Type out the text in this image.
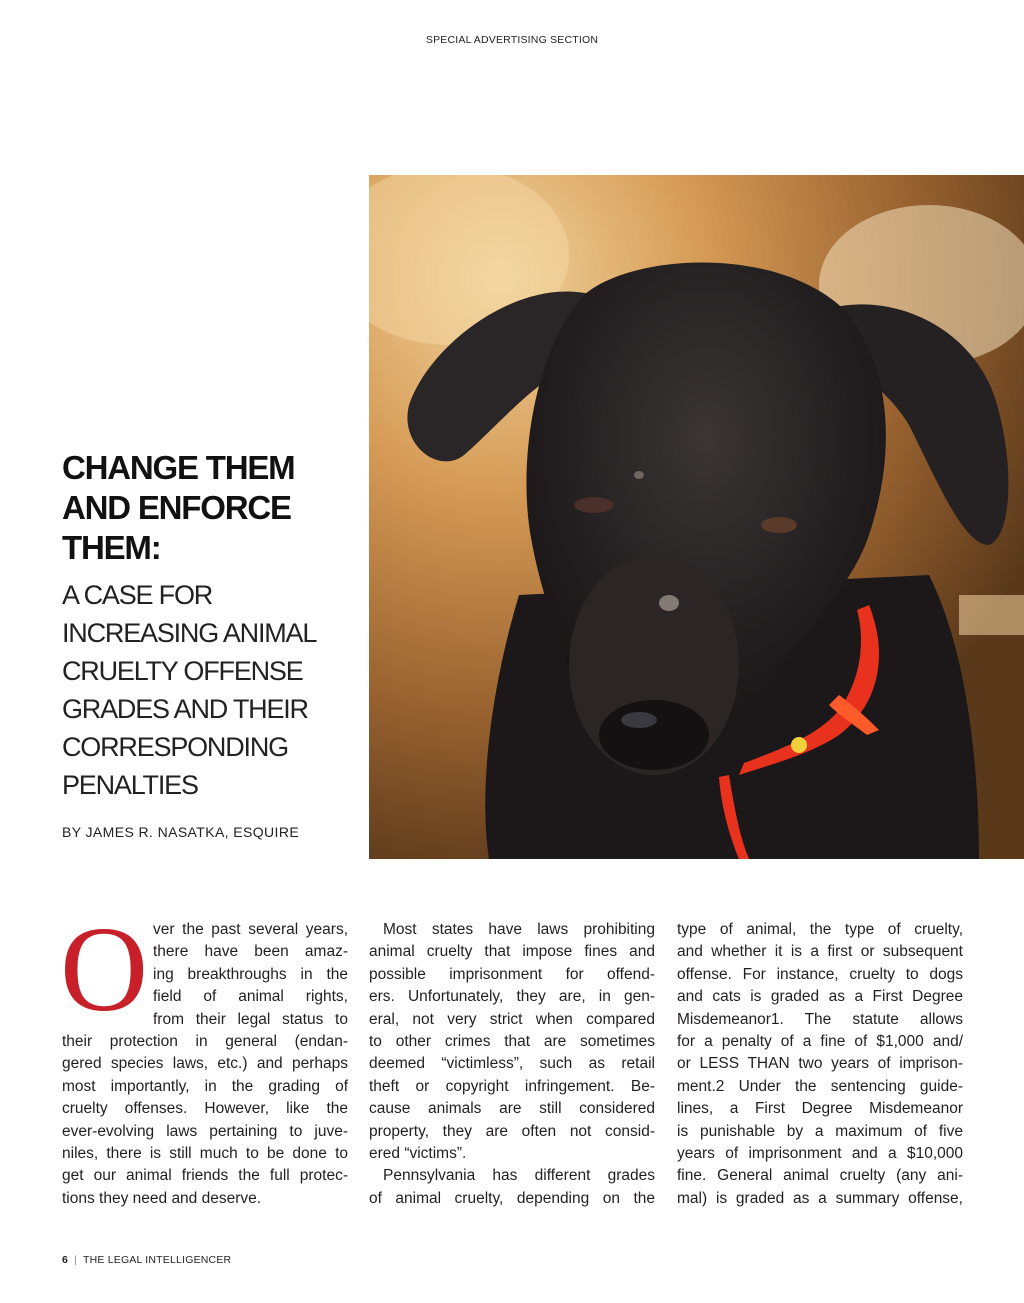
SPECIAL ADVERTISING SECTION
CHANGE THEM
AND ENFORCE
THEM:
A CASE FOR
INCREASING ANIMAL
CRUELTY OFFENSE
GRADES AND THEIR
CORRESPONDING
PENALTIES
BY JAMES R. NASATKA, ESQUIRE
O ver the past several years,
there have been amaz-
ing breakthroughs in the
field of animal rights,
from their legal status to
their protection in general (endan-
gered species laws, etc.) and perhaps
most importantly, in the grading of
cruelty offenses. However, like the
ever-evolving laws pertaining to juve-
niles, there is still much to be done to
get our animal friends the full protec-
tions they need and deserve.
Most states have laws prohibiting
animal cruelty that impose fines and
possible imprisonment for offend-
ers. Unfortunately, they are, in gen-
eral, not very strict when compared
to other crimes that are sometimes
deemed “victimless”, such as retail
theft or copyright infringement. Be-
cause animals are still considered
property, they are often not consid-
ered “victims”.
Pennsylvania has different grades
of animal cruelty, depending on the
type of animal, the type of cruelty,
and whether it is a first or subsequent
offense. For instance, cruelty to dogs
and cats is graded as a First Degree
Misdemeanor1. The statute allows
for a penalty of a fine of $1,000 and/
or LESS THAN two years of imprison-
ment.2 Under the sentencing guide-
lines, a First Degree Misdemeanor
is punishable by a maximum of five
years of imprisonment and a $10,000
fine. General animal cruelty (any ani-
mal) is graded as a summary offense,
6 | THE LEGAL INTELLIGENCER
